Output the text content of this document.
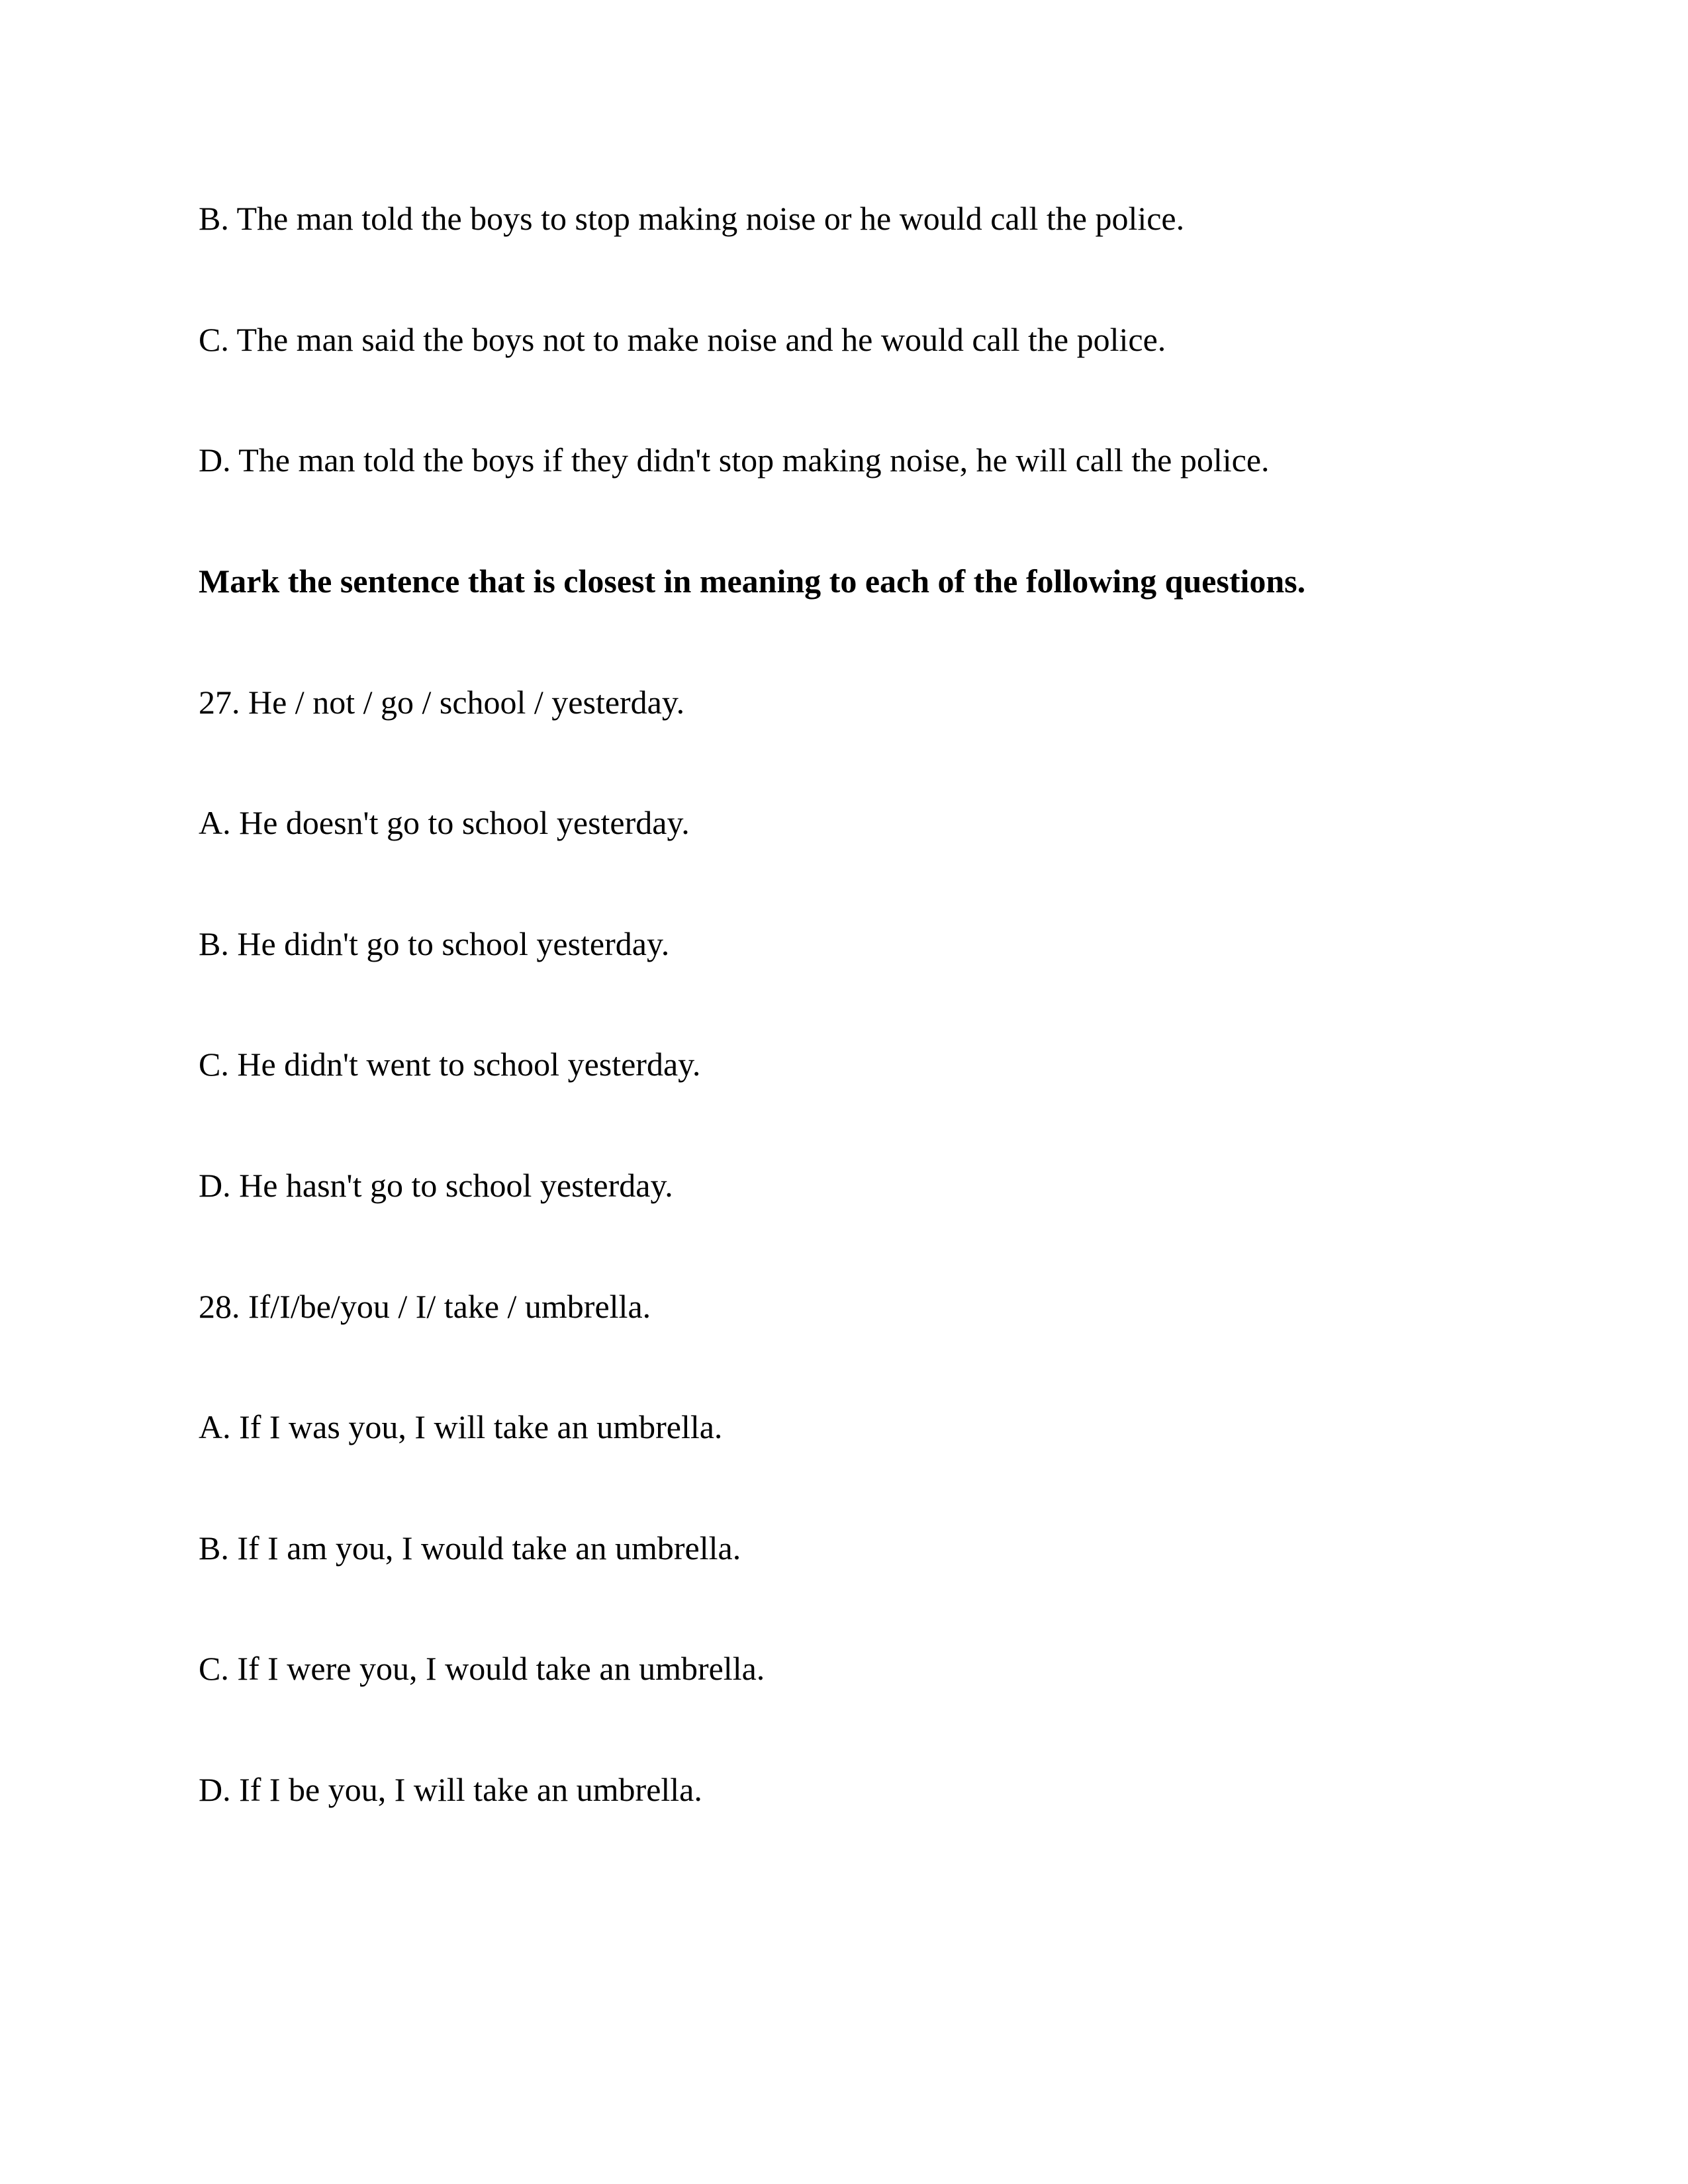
B. The man told the boys to stop making noise or he would call the police.
C. The man said the boys not to make noise and he would call the police.
D. The man told the boys if they didn't stop making noise, he will call the police.
Mark the sentence that is closest in meaning to each of the following questions.
27. He / not / go / school / yesterday.
A. He doesn't go to school yesterday.
B. He didn't go to school yesterday.
C. He didn't went to school yesterday.
D. He hasn't go to school yesterday.
28. If/I/be/you / I/ take / umbrella.
A. If I was you, I will take an umbrella.
B. If I am you, I would take an umbrella.
C. If I were you, I would take an umbrella.
D. If I be you, I will take an umbrella.
